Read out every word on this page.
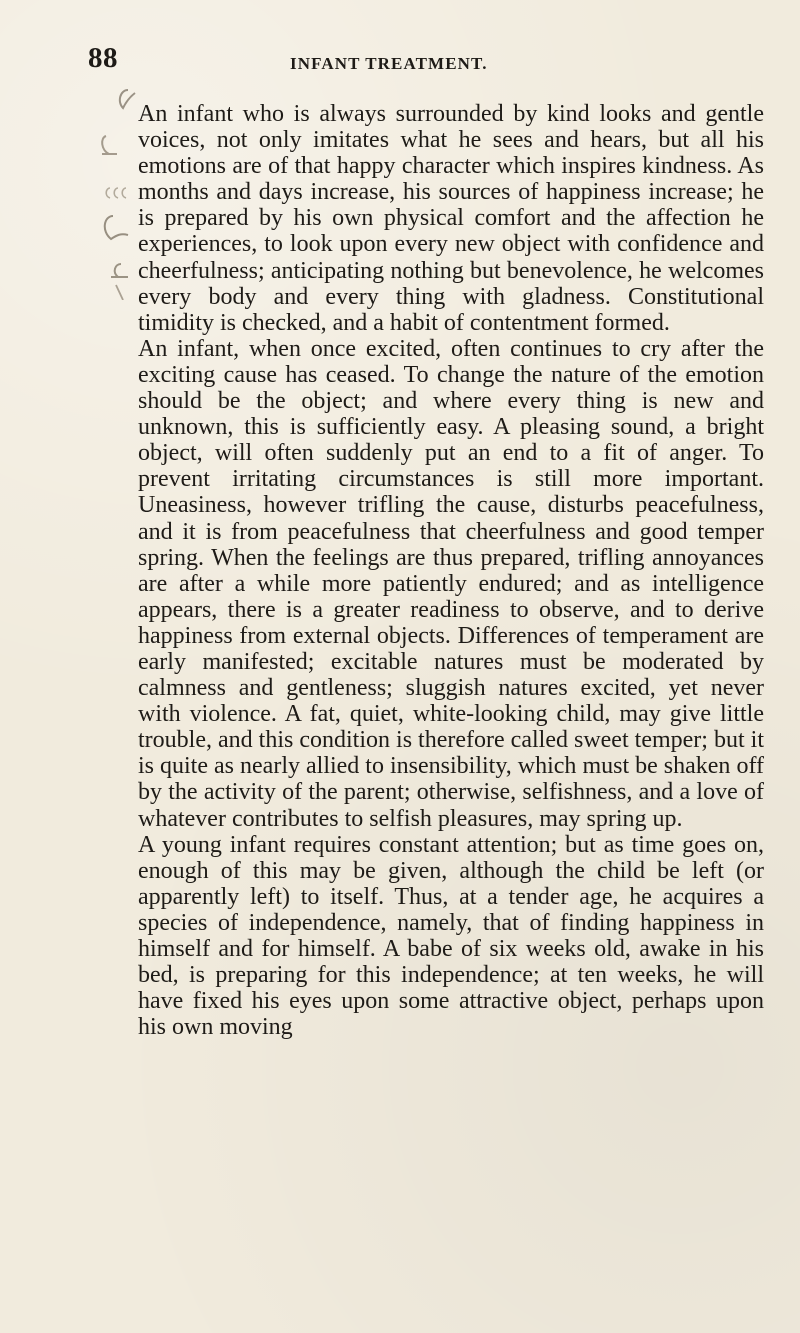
88	INFANT TREATMENT.

An infant who is always surrounded by kind looks and gentle voices, not only imitates what he sees and hears, but all his emotions are of that happy character which inspires kindness. As months and days increase, his sources of happiness increase; he is prepared by his own physical comfort and the affection he experiences, to look upon every new object with confidence and cheerfulness; anticipating nothing but benevolence, he welcomes every body and every thing with gladness. Constitutional timidity is checked, and a habit of contentment formed.

An infant, when once excited, often continues to cry after the exciting cause has ceased. To change the nature of the emotion should be the object; and where every thing is new and unknown, this is sufficiently easy. A pleasing sound, a bright object, will often suddenly put an end to a fit of anger. To prevent irritating circumstances is still more important. Uneasiness, however trifling the cause, disturbs peacefulness, and it is from peacefulness that cheerfulness and good temper spring. When the feelings are thus prepared, trifling annoyances are after a while more patiently endured; and as intelligence appears, there is a greater readiness to observe, and to derive happiness from external objects. Differences of temperament are early manifested; excitable natures must be moderated by calmness and gentleness; sluggish natures excited, yet never with violence. A fat, quiet, white-looking child, may give little trouble, and this condition is therefore called sweet temper; but it is quite as nearly allied to insensibility, which must be shaken off by the activity of the parent; otherwise, selfishness, and a love of whatever contributes to selfish pleasures, may spring up.

A young infant requires constant attention; but as time goes on, enough of this may be given, although the child be left (or apparently left) to itself. Thus, at a tender age, he acquires a species of independence, namely, that of finding happiness in himself and for himself. A babe of six weeks old, awake in his bed, is preparing for this independence; at ten weeks, he will have fixed his eyes upon some attractive object, perhaps upon his own moving
